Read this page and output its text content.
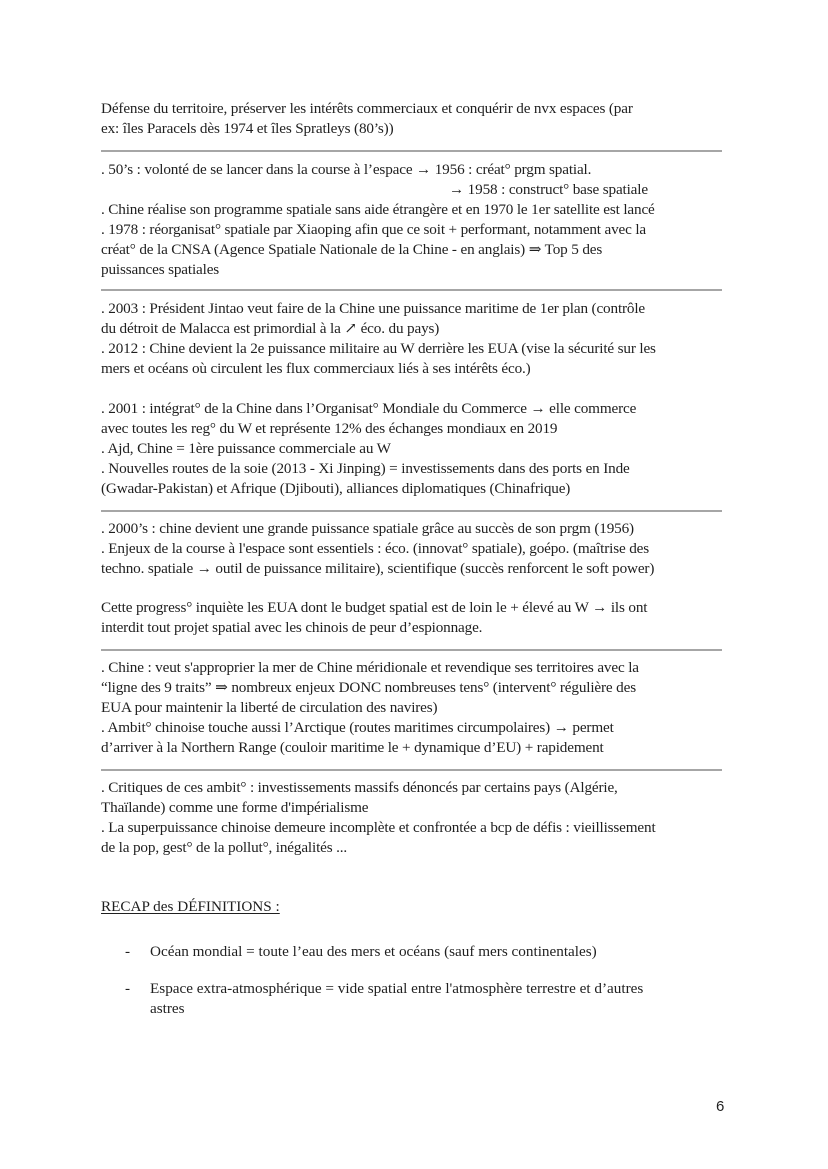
Défense du territoire, préserver les intérêts commerciaux et conquérir de nvx espaces (par
ex: îles Paracels dès 1974 et îles Spratleys (80’s))
. 50’s : volonté de se lancer dans la course à l’espace → 1956 : créat° prgm spatial.
→ 1958 : construct° base spatiale
. Chine réalise son programme spatiale sans aide étrangère et en 1970 le 1er satellite est lancé
. 1978 : réorganisat° spatiale par Xiaoping afin que ce soit + performant, notamment avec la
créat° de la CNSA (Agence Spatiale Nationale de la Chine - en anglais) ⇒ Top 5 des
puissances spatiales
. 2003 : Président Jintao veut faire de la Chine une puissance maritime de 1er plan (contrôle
du détroit de Malacca est primordial à la ↗ éco. du pays)
. 2012 : Chine devient la 2e puissance militaire au W derrière les EUA (vise la sécurité sur les
mers et océans où circulent les flux commerciaux liés à ses intérêts éco.)
. 2001 : intégrat° de la Chine dans l’Organisat° Mondiale du Commerce → elle commerce
avec toutes les reg° du W et représente 12% des échanges mondiaux en 2019
. Ajd, Chine = 1ère puissance commerciale au W
. Nouvelles routes de la soie (2013 - Xi Jinping) = investissements dans des ports en Inde
(Gwadar-Pakistan) et Afrique (Djibouti), alliances diplomatiques (Chinafrique)
. 2000’s : chine devient une grande puissance spatiale grâce au succès de son prgm (1956)
. Enjeux de la course à l'espace sont essentiels : éco. (innovat° spatiale), goépo. (maîtrise des
techno. spatiale → outil de puissance militaire), scientifique (succès renforcent le soft power)
Cette progress° inquiète les EUA dont le budget spatial est de loin le + élevé au W → ils ont
interdit tout projet spatial avec les chinois de peur d’espionnage.
. Chine : veut s'approprier la mer de Chine méridionale et revendique ses territoires avec la
“ligne des 9 traits” ⇒ nombreux enjeux DONC nombreuses tens° (intervent° régulière des
EUA pour maintenir la liberté de circulation des navires)
. Ambit° chinoise touche aussi l’Arctique (routes maritimes circumpolaires) → permet
d’arriver à la Northern Range (couloir maritime le + dynamique d’EU) + rapidement
. Critiques de ces ambit° : investissements massifs dénoncés par certains pays (Algérie,
Thaïlande) comme une forme d'impérialisme
. La superpuissance chinoise demeure incomplète et confrontée a bcp de défis : vieillissement
de la pop, gest° de la pollut°, inégalités ...
RECAP des DÉFINITIONS :
- Océan mondial = toute l’eau des mers et océans (sauf mers continentales)
- Espace extra-atmosphérique = vide spatial entre l'atmosphère terrestre et d’autres
astres
6
